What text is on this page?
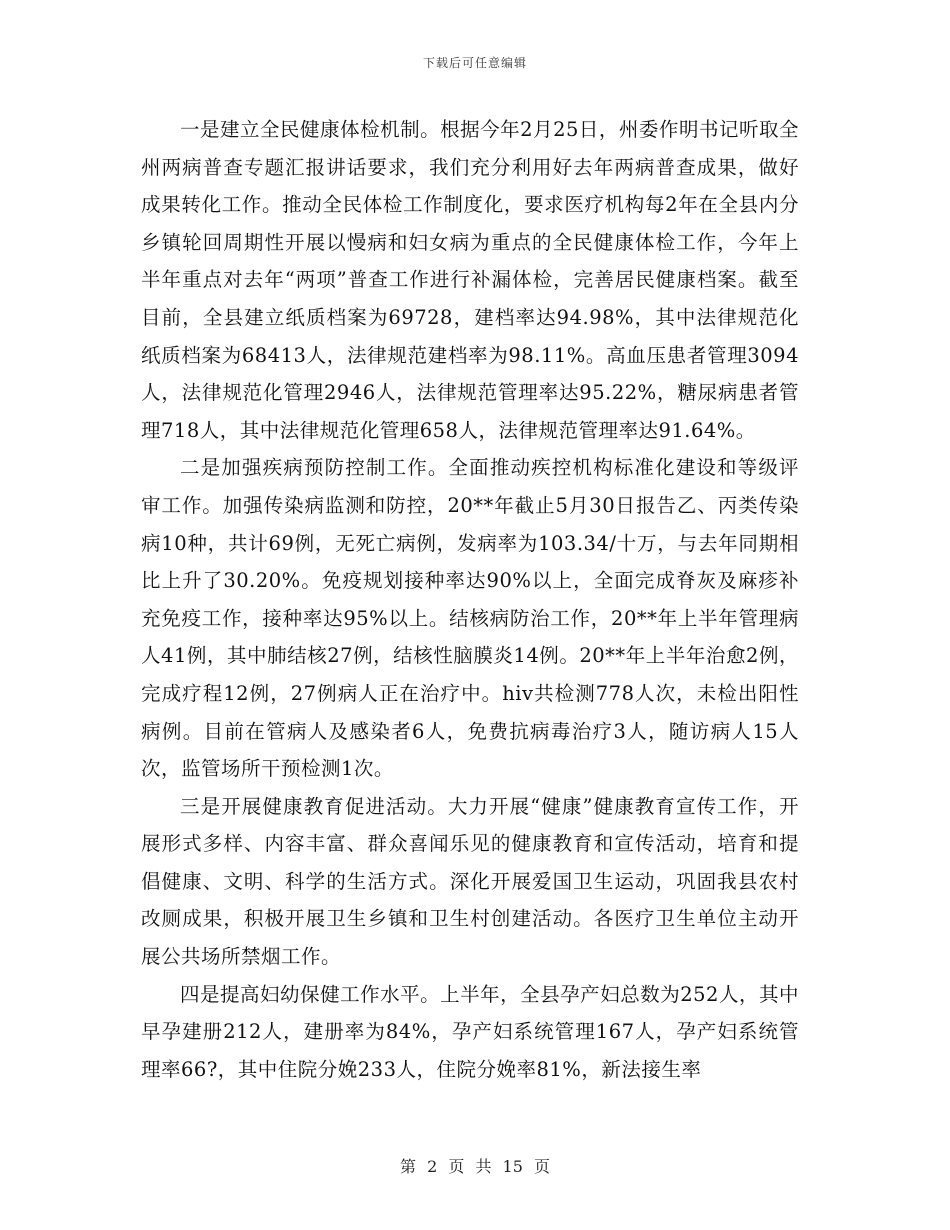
下载后可任意编辑

一是建立全民健康体检机制。根据今年2月25日，州委作明书记听取全州两病普查专题汇报讲话要求，我们充分利用好去年两病普查成果，做好成果转化工作。推动全民体检工作制度化，要求医疗机构每2年在全县内分乡镇轮回周期性开展以慢病和妇女病为重点的全民健康体检工作，今年上半年重点对去年“两项”普查工作进行补漏体检，完善居民健康档案。截至目前，全县建立纸质档案为69728，建档率达94.98%，其中法律规范化纸质档案为68413人，法律规范建档率为98.11%。高血压患者管理3094人，法律规范化管理2946人，法律规范管理率达95.22%，糖尿病患者管理718人，其中法律规范化管理658人，法律规范管理率达91.64%。

二是加强疾病预防控制工作。全面推动疾控机构标准化建设和等级评审工作。加强传染病监测和防控，20**年截止5月30日报告乙、丙类传染病10种，共计69例，无死亡病例，发病率为103.34/十万，与去年同期相比上升了30.20%。免疫规划接种率达90%以上，全面完成脊灰及麻疹补充免疫工作，接种率达95%以上。结核病防治工作，20**年上半年管理病人41例，其中肺结核27例，结核性脑膜炎14例。20**年上半年治愈2例，完成疗程12例，27例病人正在治疗中。hiv共检测778人次，未检出阳性病例。目前在管病人及感染者6人，免费抗病毒治疗3人，随访病人15人次，监管场所干预检测1次。

三是开展健康教育促进活动。大力开展“健康”健康教育宣传工作，开展形式多样、内容丰富、群众喜闻乐见的健康教育和宣传活动，培育和提倡健康、文明、科学的生活方式。深化开展爱国卫生运动，巩固我县农村改厕成果，积极开展卫生乡镇和卫生村创建活动。各医疗卫生单位主动开展公共场所禁烟工作。

四是提高妇幼保健工作水平。上半年，全县孕产妇总数为252人，其中早孕建册212人，建册率为84%，孕产妇系统管理167人，孕产妇系统管理率66?，其中住院分娩233人，住院分娩率81%，新法接生率

第 2 页 共 15 页
